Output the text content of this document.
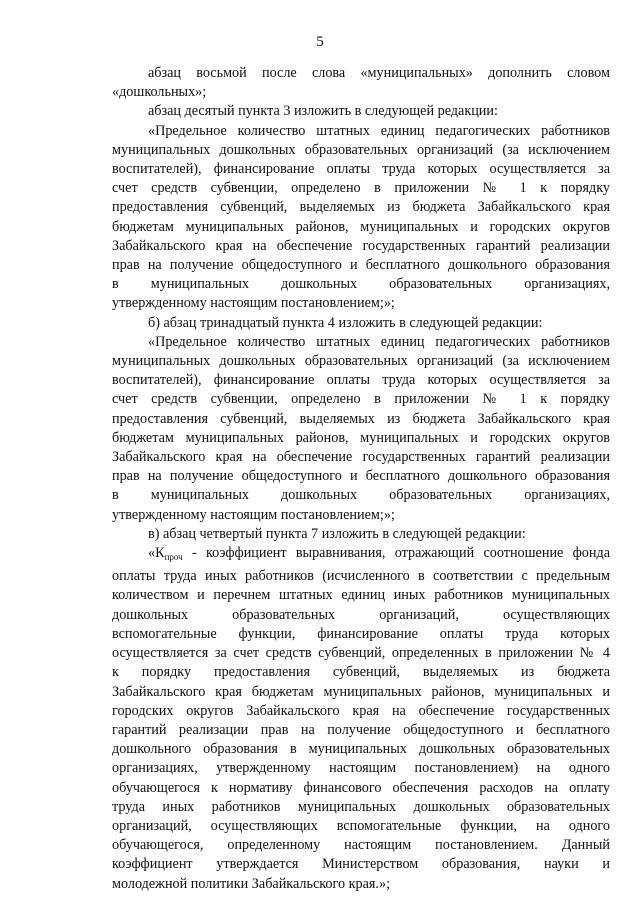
5
абзац восьмой после слова «муниципальных» дополнить словом
«дошкольных»;
абзац десятый пункта 3 изложить в следующей редакции:
«Предельное количество штатных единиц педагогических работников
муниципальных дошкольных образовательных организаций (за исключением
воспитателей), финансирование оплаты труда которых осуществляется за
счет средств субвенции, определено в приложении № 1 к порядку
предоставления субвенций, выделяемых из бюджета Забайкальского края
бюджетам муниципальных районов, муниципальных и городских округов
Забайкальского края на обеспечение государственных гарантий реализации
прав на получение общедоступного и бесплатного дошкольного образования
в муниципальных дошкольных образовательных организациях,
утвержденному настоящим постановлением;»;
б) абзац тринадцатый пункта 4 изложить в следующей редакции:
«Предельное количество штатных единиц педагогических работников
муниципальных дошкольных образовательных организаций (за исключением
воспитателей), финансирование оплаты труда которых осуществляется за
счет средств субвенции, определено в приложении № 1 к порядку
предоставления субвенций, выделяемых из бюджета Забайкальского края
бюджетам муниципальных районов, муниципальных и городских округов
Забайкальского края на обеспечение государственных гарантий реализации
прав на получение общедоступного и бесплатного дошкольного образования
в муниципальных дошкольных образовательных организациях,
утвержденному настоящим постановлением;»;
в) абзац четвертый пункта 7 изложить в следующей редакции:
«$К_{проч}$ - коэффициент выравнивания, отражающий соотношение фонда
оплаты труда иных работников (исчисленного в соответствии с предельным
количеством и перечнем штатных единиц иных работников муниципальных
дошкольных образовательных организаций, осуществляющих
вспомогательные функции, финансирование оплаты труда которых
осуществляется за счет средств субвенций, определенных в приложении № 4
к порядку предоставления субвенций, выделяемых из бюджета
Забайкальского края бюджетам муниципальных районов, муниципальных и
городских округов Забайкальского края на обеспечение государственных
гарантий реализации прав на получение общедоступного и бесплатного
дошкольного образования в муниципальных дошкольных образовательных
организациях, утвержденному настоящим постановлением) на одного
обучающегося к нормативу финансового обеспечения расходов на оплату
труда иных работников муниципальных дошкольных образовательных
организаций, осуществляющих вспомогательные функции, на одного
обучающегося, определенному настоящим постановлением. Данный
коэффициент утверждается Министерством образования, науки и
молодежной политики Забайкальского края.»;
